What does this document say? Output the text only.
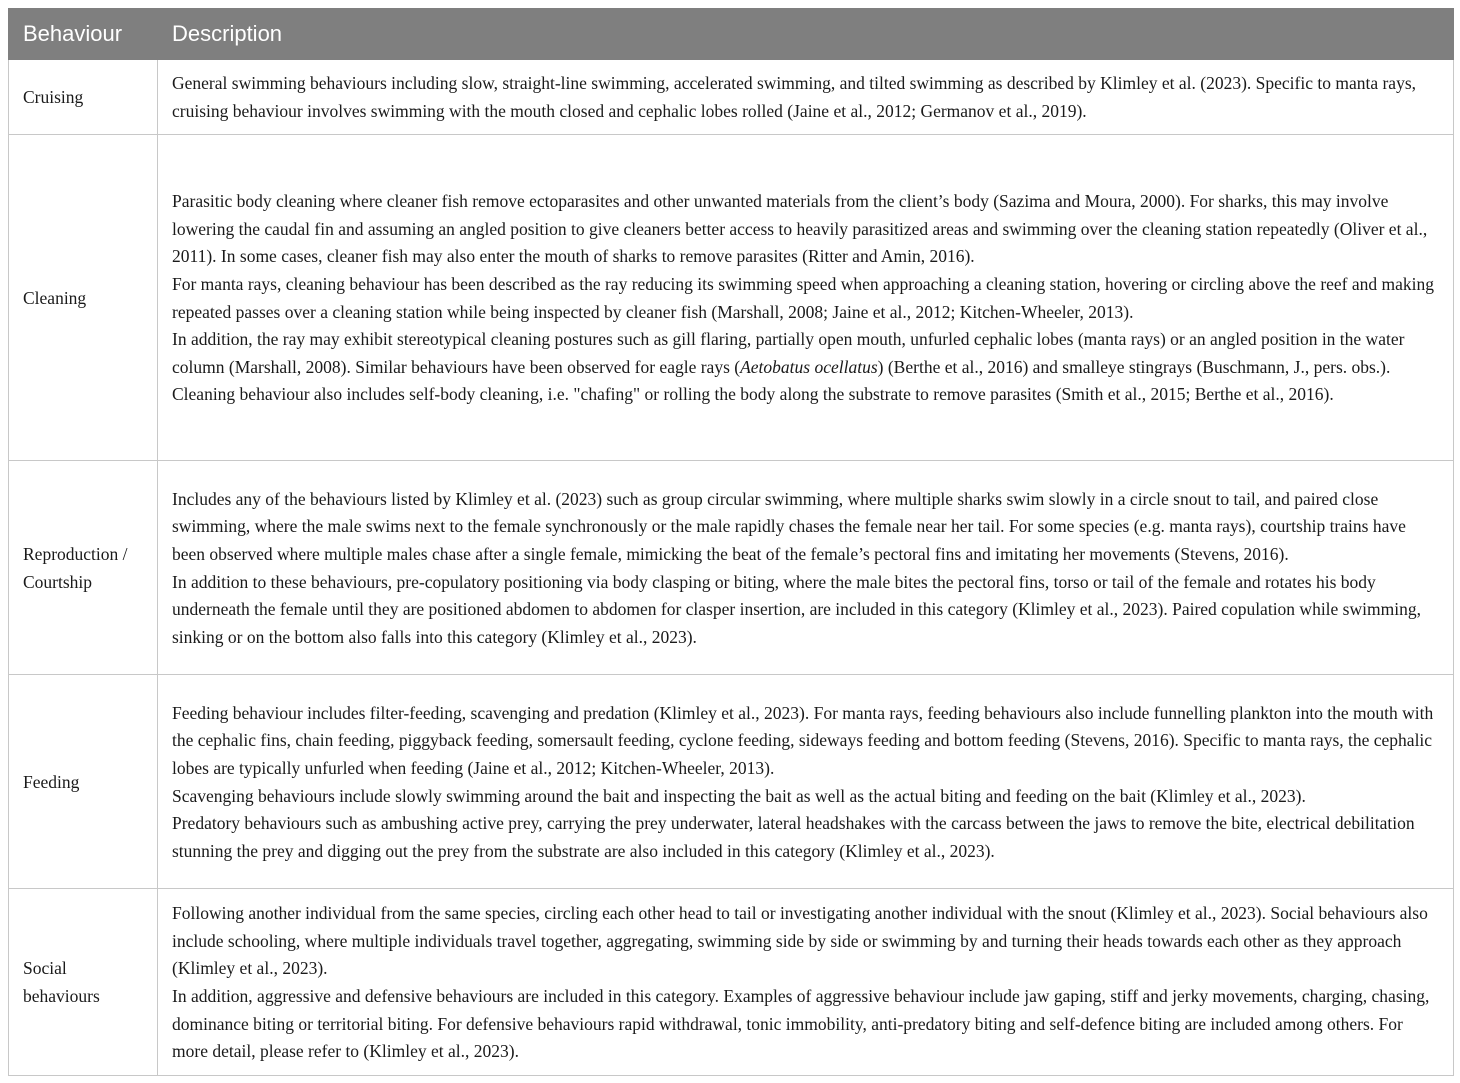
Behaviour	Description
Cruising	General swimming behaviours including slow, straight-line swimming, accelerated swimming, and tilted swimming as described by Klimley et al. (2023). Specific to manta rays, cruising behaviour involves swimming with the mouth closed and cephalic lobes rolled (Jaine et al., 2012; Germanov et al., 2019).

Cleaning	Parasitic body cleaning where cleaner fish remove ectoparasites and other unwanted materials from the client’s body (Sazima and Moura, 2000). For sharks, this may involve lowering the caudal fin and assuming an angled position to give cleaners better access to heavily parasitized areas and swimming over the cleaning station repeatedly (Oliver et al., 2011). In some cases, cleaner fish may also enter the mouth of sharks to remove parasites (Ritter and Amin, 2016).
For manta rays, cleaning behaviour has been described as the ray reducing its swimming speed when approaching a cleaning station, hovering or circling above the reef and making repeated passes over a cleaning station while being inspected by cleaner fish (Marshall, 2008; Jaine et al., 2012; Kitchen-Wheeler, 2013).
In addition, the ray may exhibit stereotypical cleaning postures such as gill flaring, partially open mouth, unfurled cephalic lobes (manta rays) or an angled position in the water column (Marshall, 2008). Similar behaviours have been observed for eagle rays (Aetobatus ocellatus) (Berthe et al., 2016) and smalleye stingrays (Buschmann, J., pers. obs.).
Cleaning behaviour also includes self-body cleaning, i.e. "chafing" or rolling the body along the substrate to remove parasites (Smith et al., 2015; Berthe et al., 2016).

Reproduction / Courtship	Includes any of the behaviours listed by Klimley et al. (2023) such as group circular swimming, where multiple sharks swim slowly in a circle snout to tail, and paired close swimming, where the male swims next to the female synchronously or the male rapidly chases the female near her tail. For some species (e.g. manta rays), courtship trains have been observed where multiple males chase after a single female, mimicking the beat of the female’s pectoral fins and imitating her movements (Stevens, 2016).
In addition to these behaviours, pre-copulatory positioning via body clasping or biting, where the male bites the pectoral fins, torso or tail of the female and rotates his body underneath the female until they are positioned abdomen to abdomen for clasper insertion, are included in this category (Klimley et al., 2023). Paired copulation while swimming, sinking or on the bottom also falls into this category (Klimley et al., 2023).

Feeding	Feeding behaviour includes filter-feeding, scavenging and predation (Klimley et al., 2023). For manta rays, feeding behaviours also include funnelling plankton into the mouth with the cephalic fins, chain feeding, piggyback feeding, somersault feeding, cyclone feeding, sideways feeding and bottom feeding (Stevens, 2016). Specific to manta rays, the cephalic lobes are typically unfurled when feeding (Jaine et al., 2012; Kitchen-Wheeler, 2013).
Scavenging behaviours include slowly swimming around the bait and inspecting the bait as well as the actual biting and feeding on the bait (Klimley et al., 2023).
Predatory behaviours such as ambushing active prey, carrying the prey underwater, lateral headshakes with the carcass between the jaws to remove the bite, electrical debilitation stunning the prey and digging out the prey from the substrate are also included in this category (Klimley et al., 2023).

Social behaviours	Following another individual from the same species, circling each other head to tail or investigating another individual with the snout (Klimley et al., 2023). Social behaviours also include schooling, where multiple individuals travel together, aggregating, swimming side by side or swimming by and turning their heads towards each other as they approach (Klimley et al., 2023).
In addition, aggressive and defensive behaviours are included in this category. Examples of aggressive behaviour include jaw gaping, stiff and jerky movements, charging, chasing, dominance biting or territorial biting. For defensive behaviours rapid withdrawal, tonic immobility, anti-predatory biting and self-defence biting are included among others. For more detail, please refer to (Klimley et al., 2023).
